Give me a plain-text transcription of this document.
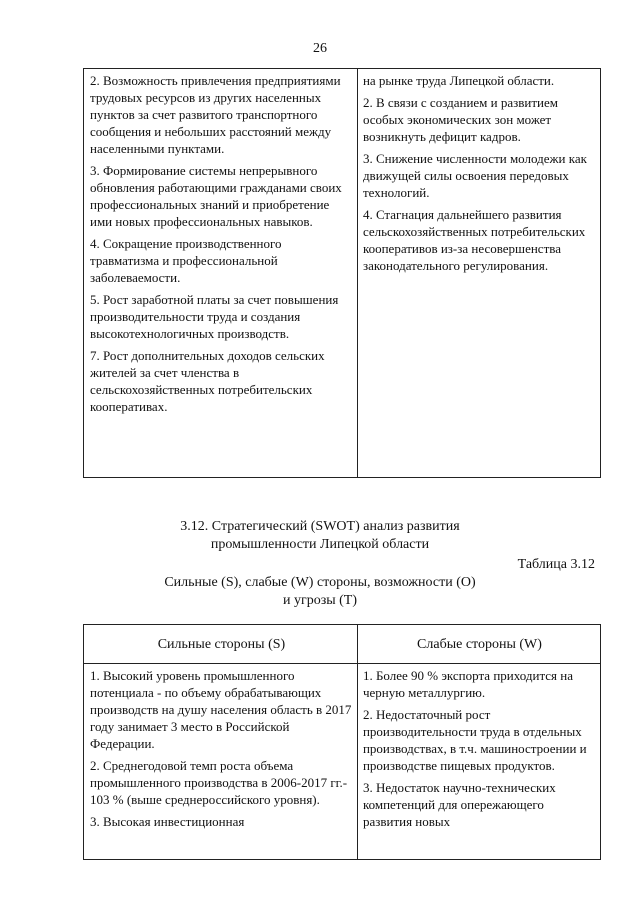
26

2. Возможность привлечения предприятиями трудовых ресурсов из других населенных пунктов за счет развитого транспортного сообщения и небольших расстояний между населенными пунктами.

3. Формирование системы непрерывного обновления работающими гражданами своих профессиональных знаний и приобретение ими новых профессиональных навыков.

4. Сокращение производственного травматизма и профессиональной заболеваемости.

5. Рост заработной платы за счет повышения производительности труда и создания высокотехнологичных производств.

7. Рост дополнительных доходов сельских жителей за счет членства в сельскохозяйственных потребительских кооперативах.

на рынке труда Липецкой области.

2. В связи с созданием и развитием особых экономических зон может возникнуть дефицит кадров.

3. Снижение численности молодежи как движущей силы освоения передовых технологий.

4. Стагнация дальнейшего развития сельскохозяйственных потребительских кооперативов из-за несовершенства законодательного регулирования.

3.12. Стратегический (SWOT) анализ развития
промышленности Липецкой области
Таблица 3.12
Сильные (S), слабые (W) стороны, возможности (O)
и угрозы (T)
Сильные стороны (S)	Слабые стороны (W)

1. Высокий уровень промышленного потенциала - по объему обрабатывающих производств на душу населения область в 2017 году занимает 3 место в Российской Федерации.

2. Среднегодовой темп роста объема промышленного производства в 2006-2017 гг.- 103 % (выше среднероссийского уровня).

3. Высокая инвестиционная

1. Более 90 % экспорта приходится на черную металлургию.

2. Недостаточный рост производительности труда в отдельных производствах, в т.ч. машиностроении и производстве пищевых продуктов.

3. Недостаток научно-технических компетенций для опережающего развития новых
